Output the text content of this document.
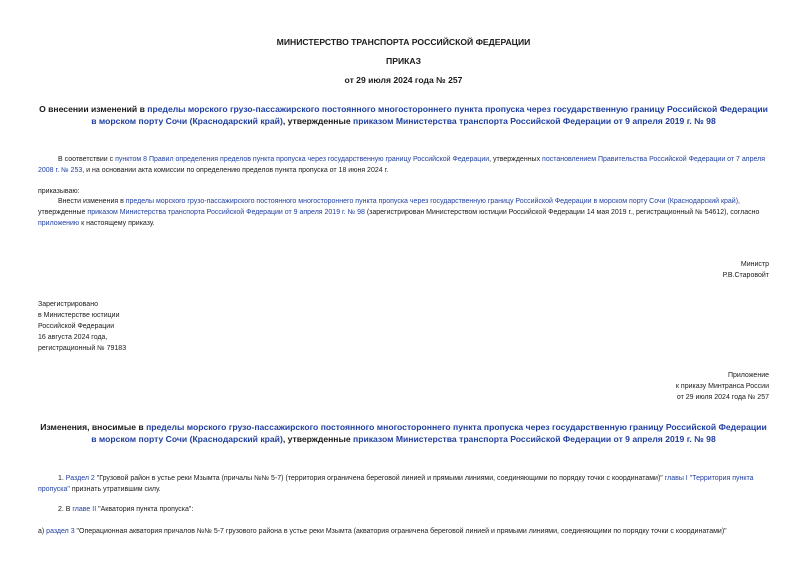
МИНИСТЕРСТВО ТРАНСПОРТА РОССИЙСКОЙ ФЕДЕРАЦИИ

ПРИКАЗ

от 29 июля 2024 года № 257

О внесении изменений в пределы морского грузо-пассажирского постоянного многостороннего пункта пропуска через государственную границу Российской Федерации в морском порту Сочи (Краснодарский край), утвержденные приказом Министерства транспорта Российской Федерации от 9 апреля 2019 г. № 98

В соответствии с пунктом 8 Правил определения пределов пункта пропуска через государственную границу Российской Федерации, утвержденных постановлением Правительства Российской Федерации от 7 апреля 2008 г. № 253, и на основании акта комиссии по определению пределов пункта пропуска от 18 июня 2024 г.

приказываю:

Внести изменения в пределы морского грузо-пассажирского постоянного многостороннего пункта пропуска через государственную границу Российской Федерации в морском порту Сочи (Краснодарский край), утвержденные приказом Министерства транспорта Российской Федерации от 9 апреля 2019 г. № 98 (зарегистрирован Министерством юстиции Российской Федерации 14 мая 2019 г., регистрационный № 54612), согласно приложению к настоящему приказу.

Министр
Р.В.Старовойт
Зарегистрировано
в Министерстве юстиции
Российской Федерации
16 августа 2024 года,
регистрационный № 79183
Приложение
к приказу Минтранса России
от 29 июля 2024 года № 257

Изменения, вносимые в пределы морского грузо-пассажирского постоянного многостороннего пункта пропуска через государственную границу Российской Федерации в морском порту Сочи (Краснодарский край), утвержденные приказом Министерства транспорта Российской Федерации от 9 апреля 2019 г. № 98

1. Раздел 2 "Грузовой район в устье реки Мзымта (причалы №№ 5-7) (территория ограничена береговой линией и прямыми линиями, соединяющими по порядку точки с координатами)" главы I "Территория пункта пропуска" признать утратившим силу.

2. В главе II "Акватория пункта пропуска":

а) раздел 3 "Операционная акватория причалов №№ 5-7 грузового района в устье реки Мзымта (акватория ограничена береговой линией и прямыми линиями, соединяющими по порядку точки с координатами)"
